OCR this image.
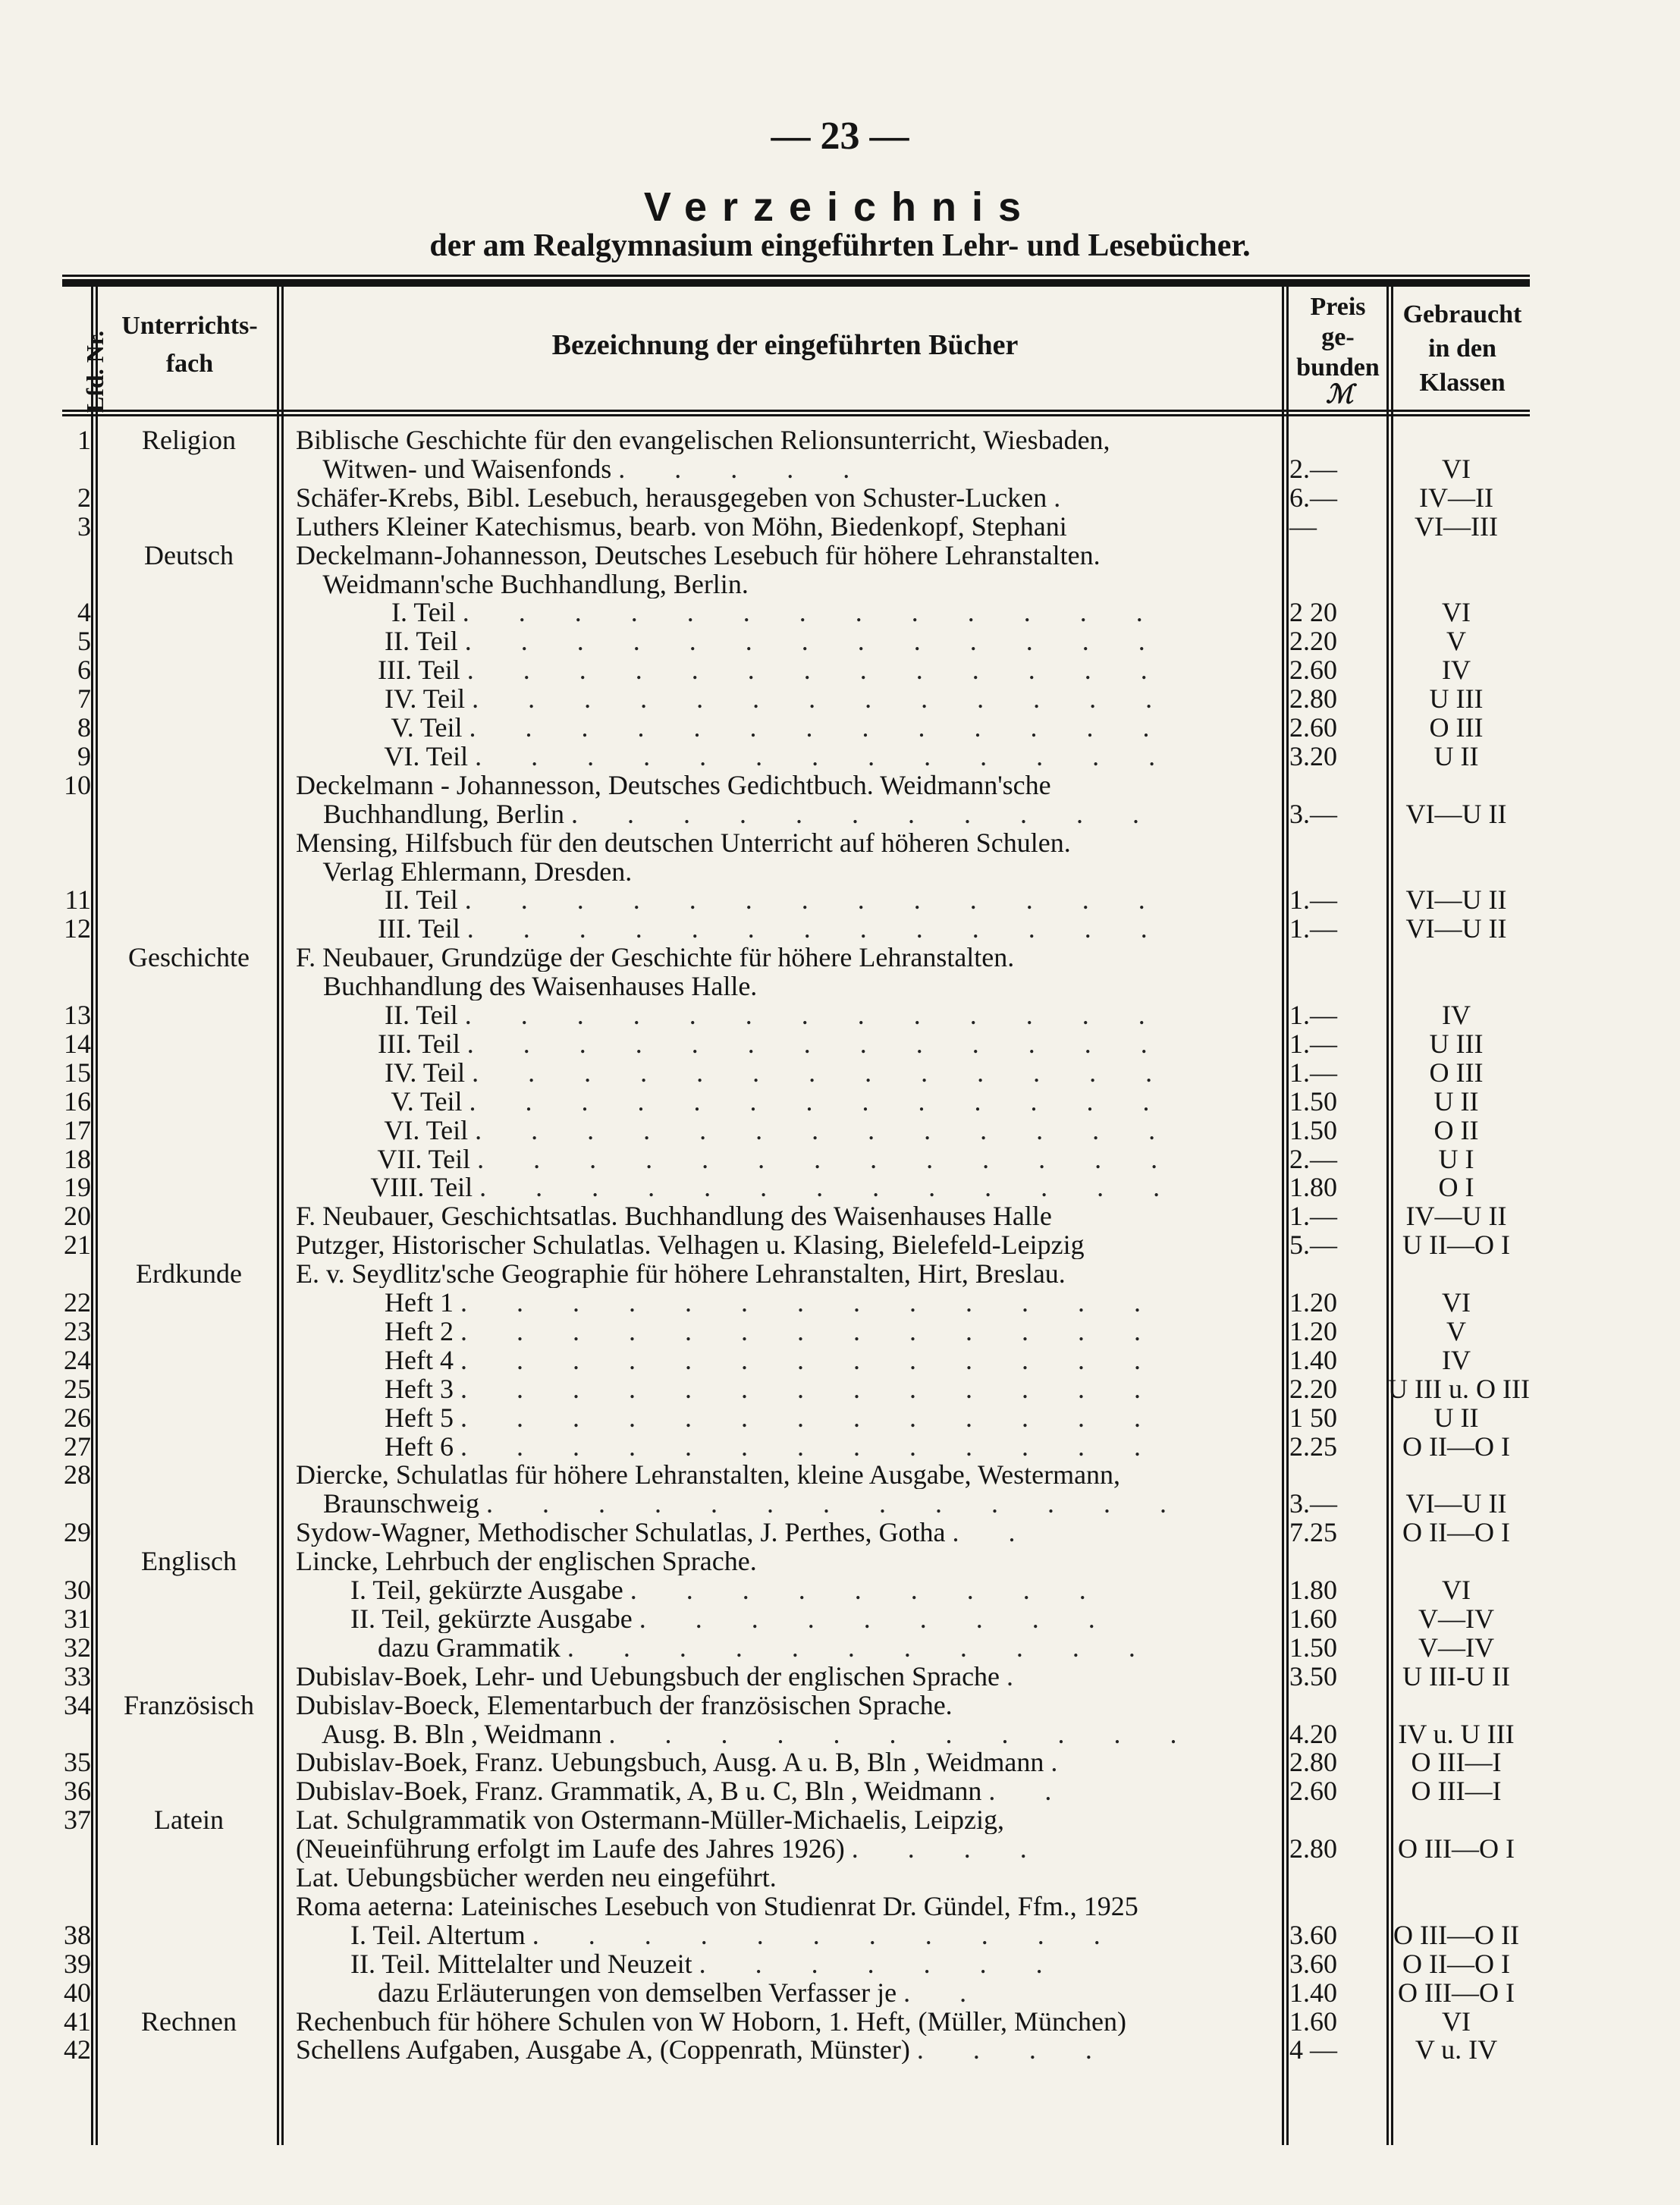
— 23 —
Verzeichnis
der am Realgymnasium eingeführten Lehr- und Lesebücher.
Lfd. Nr.
Unterrichts-
fach
Bezeichnung der eingeführten Bücher
Preis
ge-
bunden
ℳ
Gebraucht
in den
Klassen
1	Religion	Biblische Geschichte für den evangelischen Relionsunterricht, Wiesbaden,
Witwen- und Waisenfonds . . . . .	2.—	VI
2	Schäfer-Krebs, Bibl. Lesebuch, herausgegeben von Schuster-Lucken .	6.—	IV—II
3	Luthers Kleiner Katechismus, bearb. von Möhn, Biedenkopf, Stephani	—	VI—III
Deutsch	Deckelmann-Johannesson, Deutsches Lesebuch für höhere Lehranstalten.
Weidmann'sche Buchhandlung, Berlin.
4	I. Teil . . . . . . . . . . . . .	2 20	VI
5	II. Teil . . . . . . . . . . . . .	2.20	V
6	III. Teil . . . . . . . . . . . . .	2.60	IV
7	IV. Teil . . . . . . . . . . . . .	2.80	U III
8	V. Teil . . . . . . . . . . . . .	2.60	O III
9	VI. Teil . . . . . . . . . . . . .	3.20	U II
10	Deckelmann - Johannesson, Deutsches Gedichtbuch. Weidmann'sche
Buchhandlung, Berlin . . . . . . . . . . .	3.—	VI—U II
Mensing, Hilfsbuch für den deutschen Unterricht auf höheren Schulen.
Verlag Ehlermann, Dresden.
11	II. Teil . . . . . . . . . . . . .	1.—	VI—U II
12	III. Teil . . . . . . . . . . . . .	1.—	VI—U II
Geschichte	F. Neubauer, Grundzüge der Geschichte für höhere Lehranstalten.
Buchhandlung des Waisenhauses Halle.
13	II. Teil . . . . . . . . . . . . .	1.—	IV
14	III. Teil . . . . . . . . . . . . .	1.—	U III
15	IV. Teil . . . . . . . . . . . . .	1.—	O III
16	V. Teil . . . . . . . . . . . . .	1.50	U II
17	VI. Teil . . . . . . . . . . . . .	1.50	O II
18	VII. Teil . . . . . . . . . . . . .	2.—	U I
19	VIII. Teil . . . . . . . . . . . . .	1.80	O I
20	F. Neubauer, Geschichtsatlas. Buchhandlung des Waisenhauses Halle	1.—	IV—U II
21	Putzger, Historischer Schulatlas. Velhagen u. Klasing, Bielefeld-Leipzig	5.—	U II—O I
Erdkunde	E. v. Seydlitz'sche Geographie für höhere Lehranstalten, Hirt, Breslau.
22	Heft 1 . . . . . . . . . . . . .	1.20	VI
23	Heft 2 . . . . . . . . . . . . .	1.20	V
24	Heft 4 . . . . . . . . . . . . .	1.40	IV
25	Heft 3 . . . . . . . . . . . . .	2.20	U III u. O III
26	Heft 5 . . . . . . . . . . . . .	1 50	U II
27	Heft 6 . . . . . . . . . . . . .	2.25	O II—O I
28	Diercke, Schulatlas für höhere Lehranstalten, kleine Ausgabe, Westermann,
Braunschweig . . . . . . . . . . . . .	3.—	VI—U II
29	Sydow-Wagner, Methodischer Schulatlas, J. Perthes, Gotha . .	7.25	O II—O I
Englisch	Lincke, Lehrbuch der englischen Sprache.
30	I. Teil, gekürzte Ausgabe . . . . . . . . .	1.80	VI
31	II. Teil, gekürzte Ausgabe . . . . . . . . .	1.60	V—IV
32	dazu Grammatik . . . . . . . . . . .	1.50	V—IV
33	Dubislav-Boek, Lehr- und Uebungsbuch der englischen Sprache .	3.50	U III-U II
34	Französisch	Dubislav-Boeck, Elementarbuch der französischen Sprache.
Ausg. B. Bln , Weidmann . . . . . . . . . . .	4.20	IV u. U III
35	Dubislav-Boek, Franz. Uebungsbuch, Ausg. A u. B, Bln , Weidmann .	2.80	O III—I
36	Dubislav-Boek, Franz. Grammatik, A, B u. C, Bln , Weidmann . .	2.60	O III—I
37	Latein	Lat. Schulgrammatik von Ostermann-Müller-Michaelis, Leipzig,
(Neueinführung erfolgt im Laufe des Jahres 1926) . . . .	2.80	O III—O I
Lat. Uebungsbücher werden neu eingeführt.
Roma aeterna: Lateinisches Lesebuch von Studienrat Dr. Gündel, Ffm., 1925
38	I. Teil. Altertum . . . . . . . . . . .	3.60	O III—O II
39	II. Teil. Mittelalter und Neuzeit . . . . . . .	3.60	O II—O I
40	dazu Erläuterungen von demselben Verfasser je . .	1.40	O III—O I
41	Rechnen	Rechenbuch für höhere Schulen von W Hoborn, 1. Heft, (Müller, München)	1.60	VI
42	Schellens Aufgaben, Ausgabe A, (Coppenrath, Münster) . . . .	4 —	V u. IV
